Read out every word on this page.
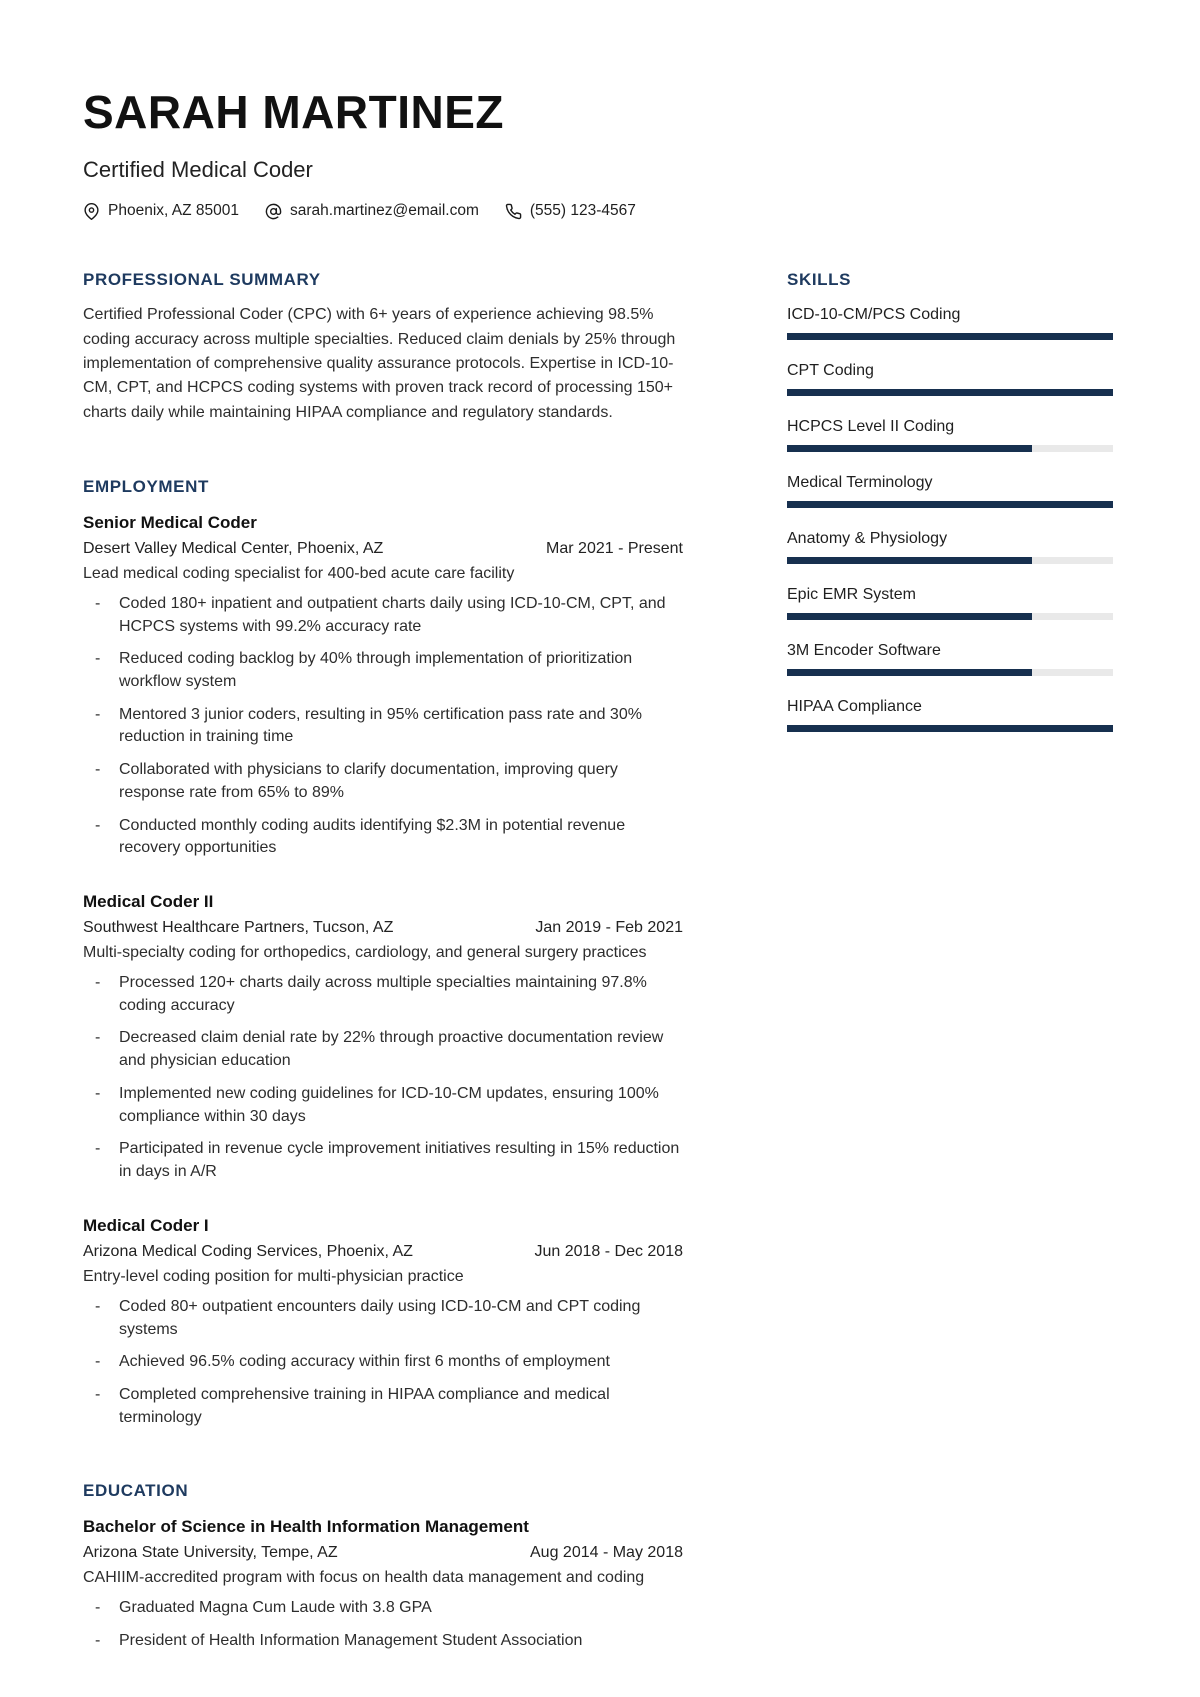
SARAH MARTINEZ
Certified Medical Coder
Phoenix, AZ 85001	sarah.martinez@email.com	(555) 123-4567
PROFESSIONAL SUMMARY

Certified Professional Coder (CPC) with 6+ years of experience achieving 98.5% coding accuracy across multiple specialties. Reduced claim denials by 25% through implementation of comprehensive quality assurance protocols. Expertise in ICD-10-CM, CPT, and HCPCS coding systems with proven track record of processing 150+ charts daily while maintaining HIPAA compliance and regulatory standards.

EMPLOYMENT
Senior Medical Coder
Desert Valley Medical Center, Phoenix, AZ	Mar 2021 - Present
Lead medical coding specialist for 400-bed acute care facility
- Coded 180+ inpatient and outpatient charts daily using ICD-10-CM, CPT, and HCPCS systems with 99.2% accuracy rate
- Reduced coding backlog by 40% through implementation of prioritization workflow system
- Mentored 3 junior coders, resulting in 95% certification pass rate and 30% reduction in training time
- Collaborated with physicians to clarify documentation, improving query response rate from 65% to 89%
- Conducted monthly coding audits identifying $2.3M in potential revenue recovery opportunities
Medical Coder II
Southwest Healthcare Partners, Tucson, AZ	Jan 2019 - Feb 2021
Multi-specialty coding for orthopedics, cardiology, and general surgery practices
- Processed 120+ charts daily across multiple specialties maintaining 97.8% coding accuracy
- Decreased claim denial rate by 22% through proactive documentation review and physician education
- Implemented new coding guidelines for ICD-10-CM updates, ensuring 100% compliance within 30 days
- Participated in revenue cycle improvement initiatives resulting in 15% reduction in days in A/R
Medical Coder I
Arizona Medical Coding Services, Phoenix, AZ	Jun 2018 - Dec 2018
Entry-level coding position for multi-physician practice
- Coded 80+ outpatient encounters daily using ICD-10-CM and CPT coding systems
- Achieved 96.5% coding accuracy within first 6 months of employment
- Completed comprehensive training in HIPAA compliance and medical terminology
EDUCATION
Bachelor of Science in Health Information Management
Arizona State University, Tempe, AZ	Aug 2014 - May 2018
CAHIIM-accredited program with focus on health data management and coding
- Graduated Magna Cum Laude with 3.8 GPA
- President of Health Information Management Student Association
SKILLS
ICD-10-CM/PCS Coding
CPT Coding
HCPCS Level II Coding
Medical Terminology
Anatomy & Physiology
Epic EMR System
3M Encoder Software
HIPAA Compliance
